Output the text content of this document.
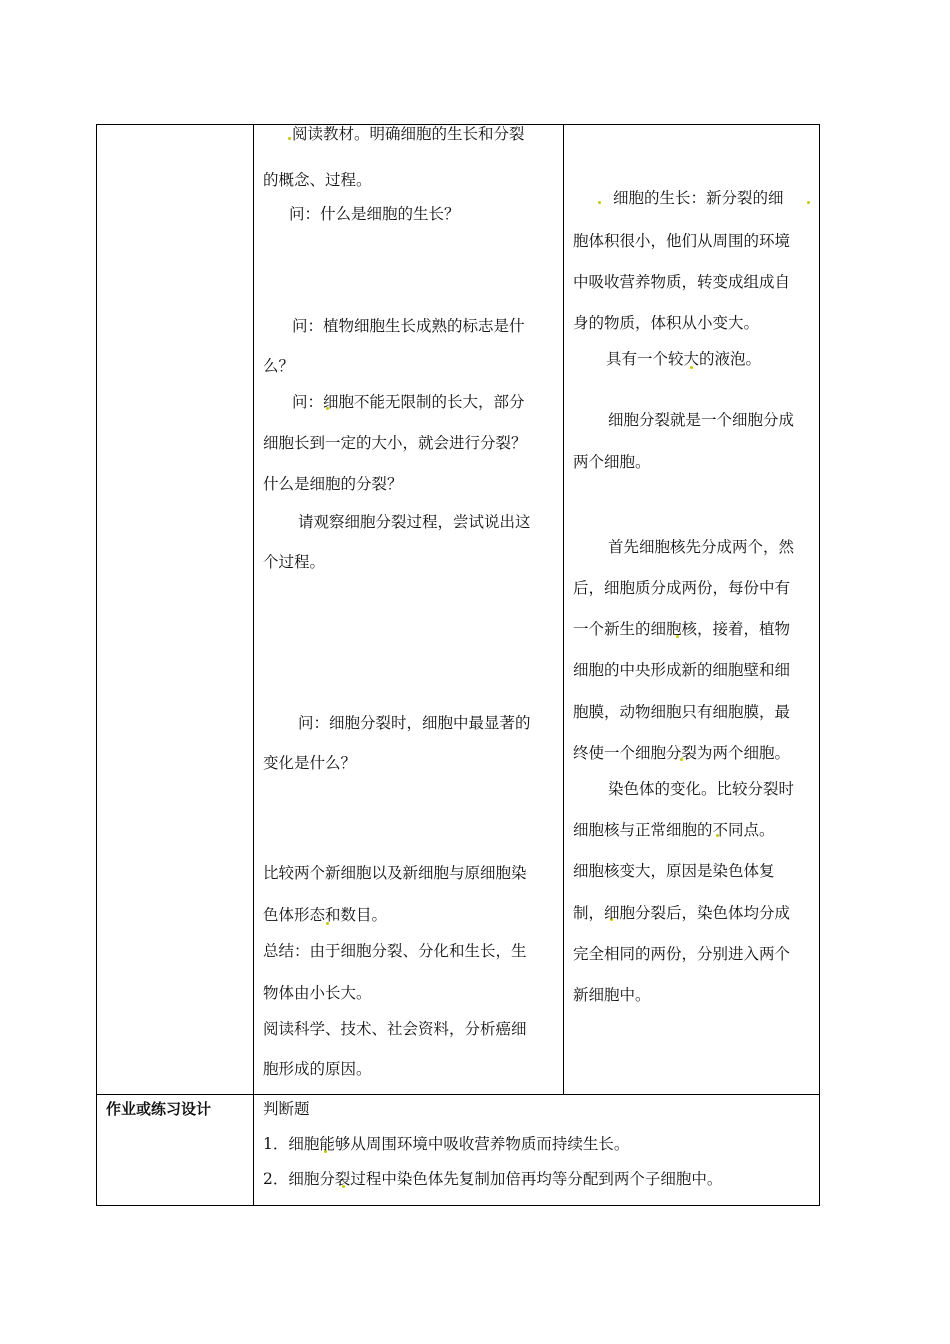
阅读教材。明确细胞的生长和分裂
的概念、过程。
问：什么是细胞的生长？
问：植物细胞生长成熟的标志是什
么？
问：细胞不能无限制的长大，部分
细胞长到一定的大小，就会进行分裂？
什么是细胞的分裂？
请观察细胞分裂过程，尝试说出这
个过程。
问：细胞分裂时，细胞中最显著的
变化是什么？
比较两个新细胞以及新细胞与原细胞染
色体形态和数目。
总结：由于细胞分裂、分化和生长，生
物体由小长大。
阅读科学、技术、社会资料，分析癌细
胞形成的原因。
细胞的生长：新分裂的细
胞体积很小，他们从周围的环境
中吸收营养物质，转变成组成自
身的物质，体积从小变大。
具有一个较大的液泡。
细胞分裂就是一个细胞分成
两个细胞。
首先细胞核先分成两个，然
后，细胞质分成两份，每份中有
一个新生的细胞核，接着，植物
细胞的中央形成新的细胞壁和细
胞膜，动物细胞只有细胞膜，最
终使一个细胞分裂为两个细胞。
染色体的变化。比较分裂时
细胞核与正常细胞的不同点。
细胞核变大，原因是染色体复
制，细胞分裂后，染色体均分成
完全相同的两份，分别进入两个
新细胞中。
作业或练习设计	判断题
1．细胞能够从周围环境中吸收营养物质而持续生长。
2．细胞分裂过程中染色体先复制加倍再均等分配到两个子细胞中。
